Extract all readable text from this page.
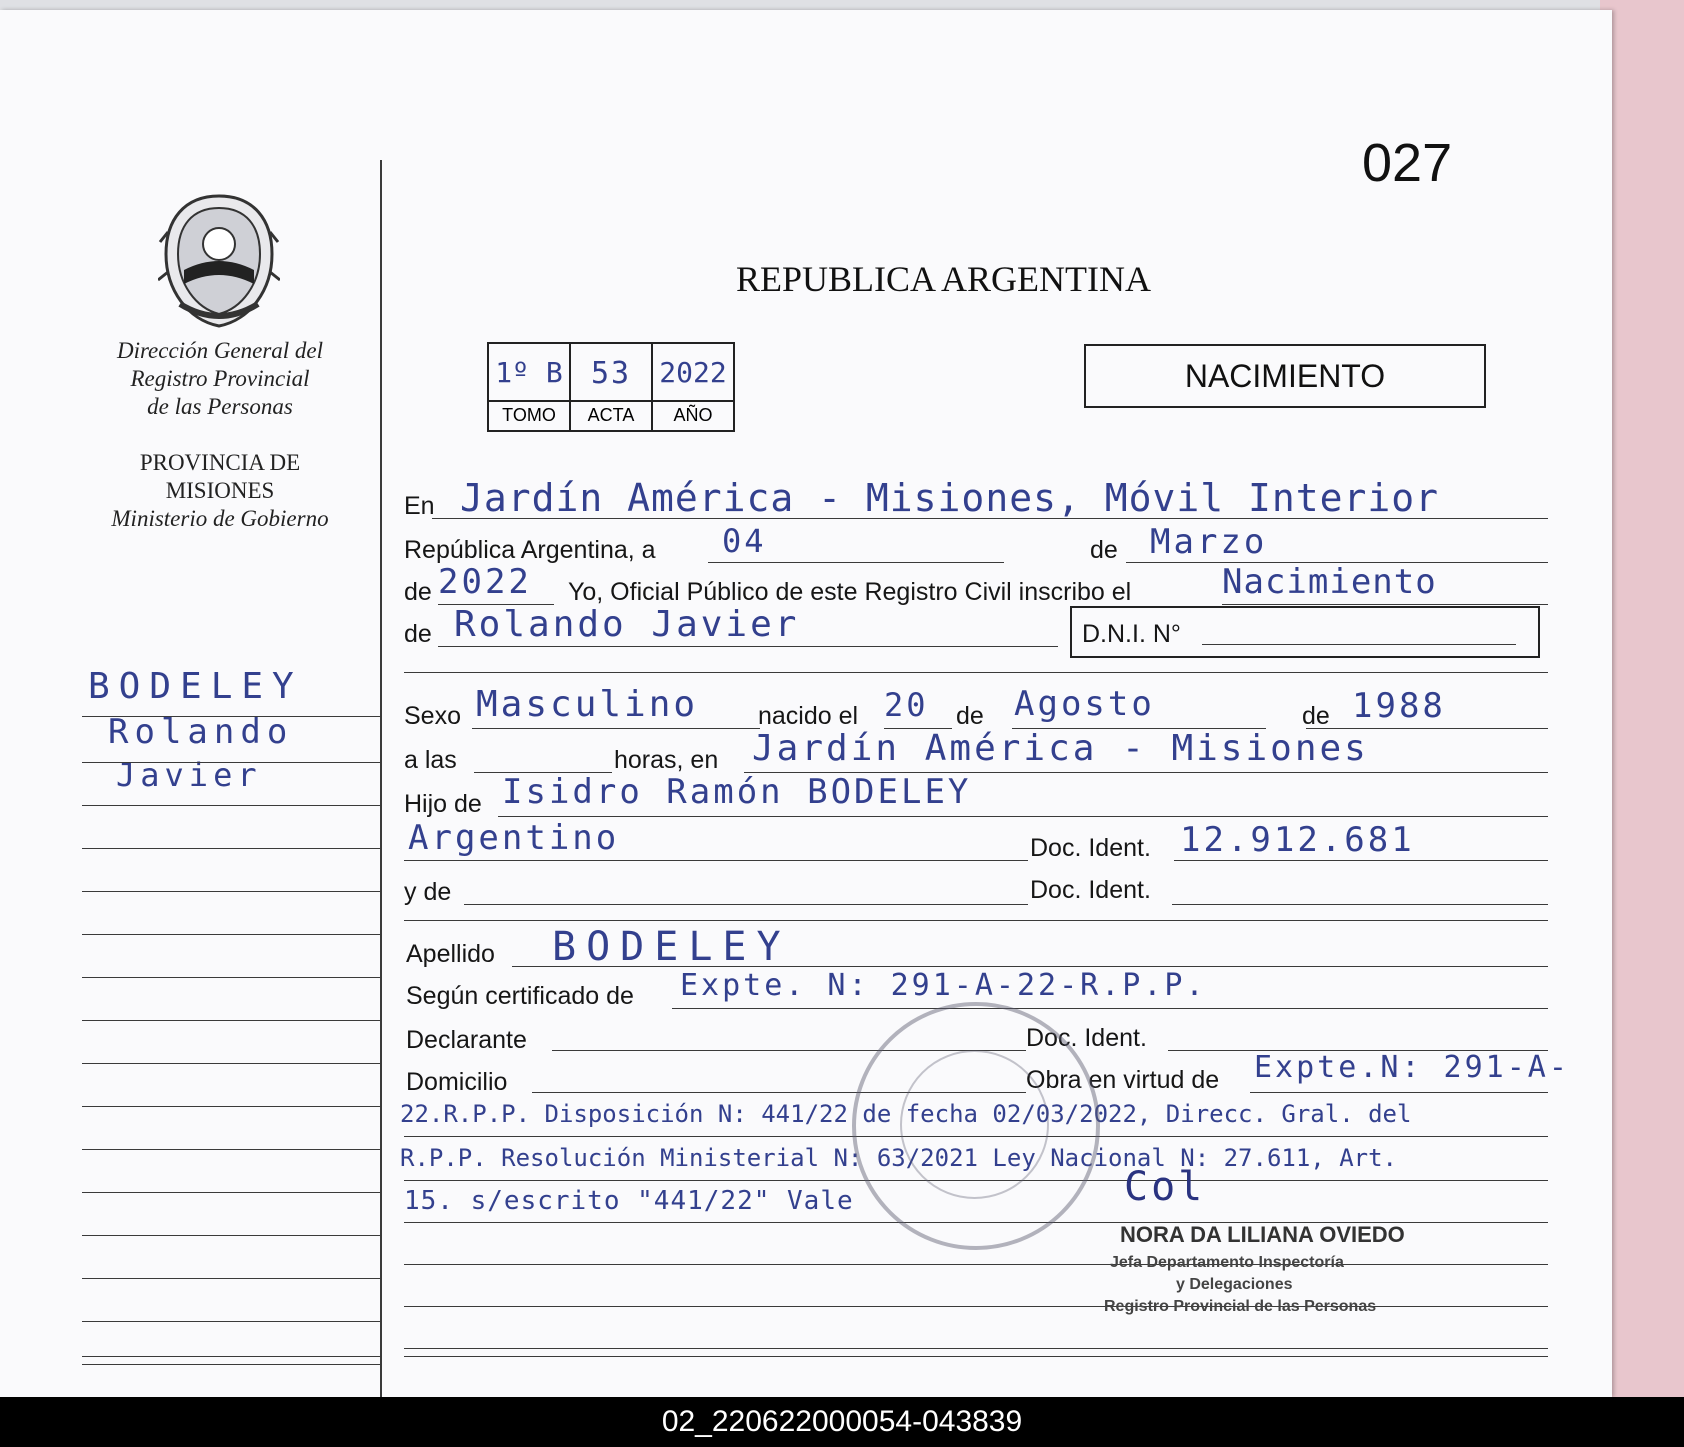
027
Dirección General del
Registro Provincial
de las Personas
PROVINCIA DE
MISIONES
Ministerio de Gobierno
BODELEY
Rolando
Javier
REPUBLICA ARGENTINA
1º B 53	2022
TOMO	ACTA	AÑO
NACIMIENTO
En Jardín América - Misiones, Móvil Interior
República Argentina, a 04	de Marzo
de 2022 Yo, Oficial Público de este Registro Civil inscribo el	Nacimiento
de Rolando Javier	D.N.I. N°
Sexo Masculino nacido el 20 de Agosto	de 1988
a las	horas, en Jardín América - Misiones
Hijo de Isidro Ramón BODELEY
Argentino	Doc. Ident. 12.912.681
y de	Doc. Ident.
Apellido BODELEY
Según certificado de Expte. N: 291-A-22-R.P.P.
Declarante	Doc. Ident.
Domicilio	Obra en virtud de Expte.N: 291-A-
22.R.P.P. Disposición N: 441/22 de fecha 02/03/2022, Direcc. Gral. del
R.P.P. Resolución Ministerial N: 63/2021 Ley Nacional N: 27.611, Art.
15. s/escrito "441/22" Vale	Col
NORA DA LILIANA OVIEDO
Jefa Departamento Inspectoría
y Delegaciones
Registro Provincial de las Personas
02_220622000054-043839
